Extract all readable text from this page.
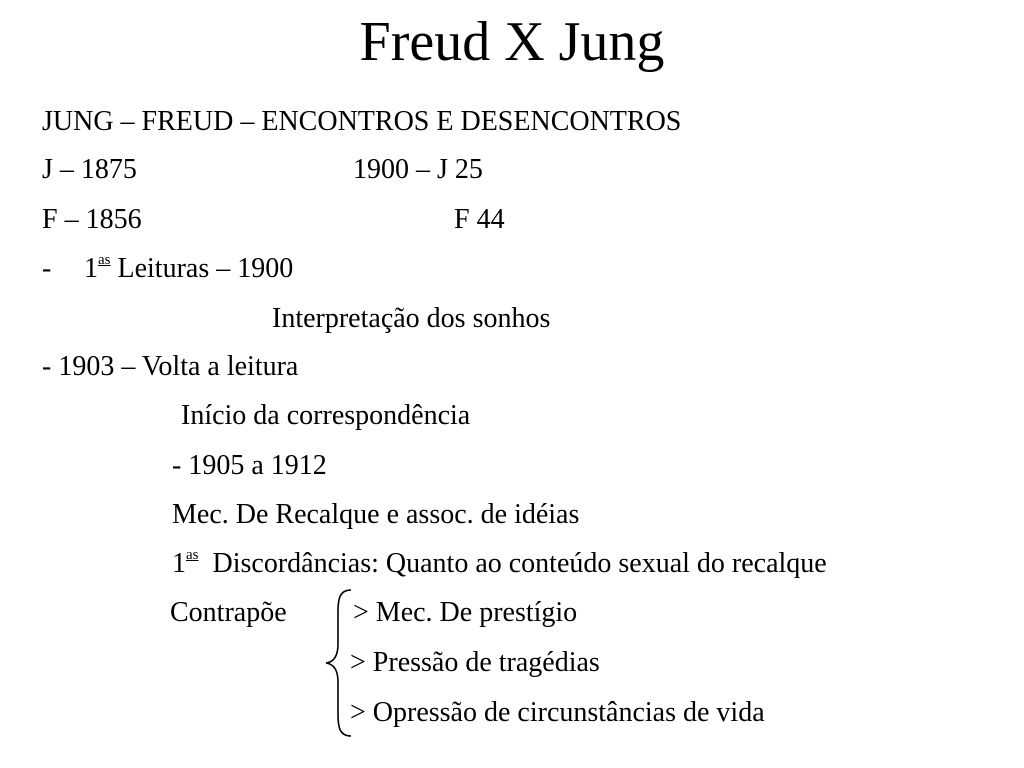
Freud X Jung
JUNG – FREUD – ENCONTROS E DESENCONTROS
J – 1875	1900 – J 25
F – 1856	F 44
- $1^{as}$ Leituras – 1900
Interpretação dos sonhos
- 1903 – Volta a leitura
Início da correspondência
- 1905 a 1912
Mec. De Recalque e assoc. de idéias
$1^{as}$ Discordâncias: Quanto ao conteúdo sexual do recalque
Contrapõe > Mec. De prestígio
> Pressão de tragédias
> Opressão de circunstâncias de vida
